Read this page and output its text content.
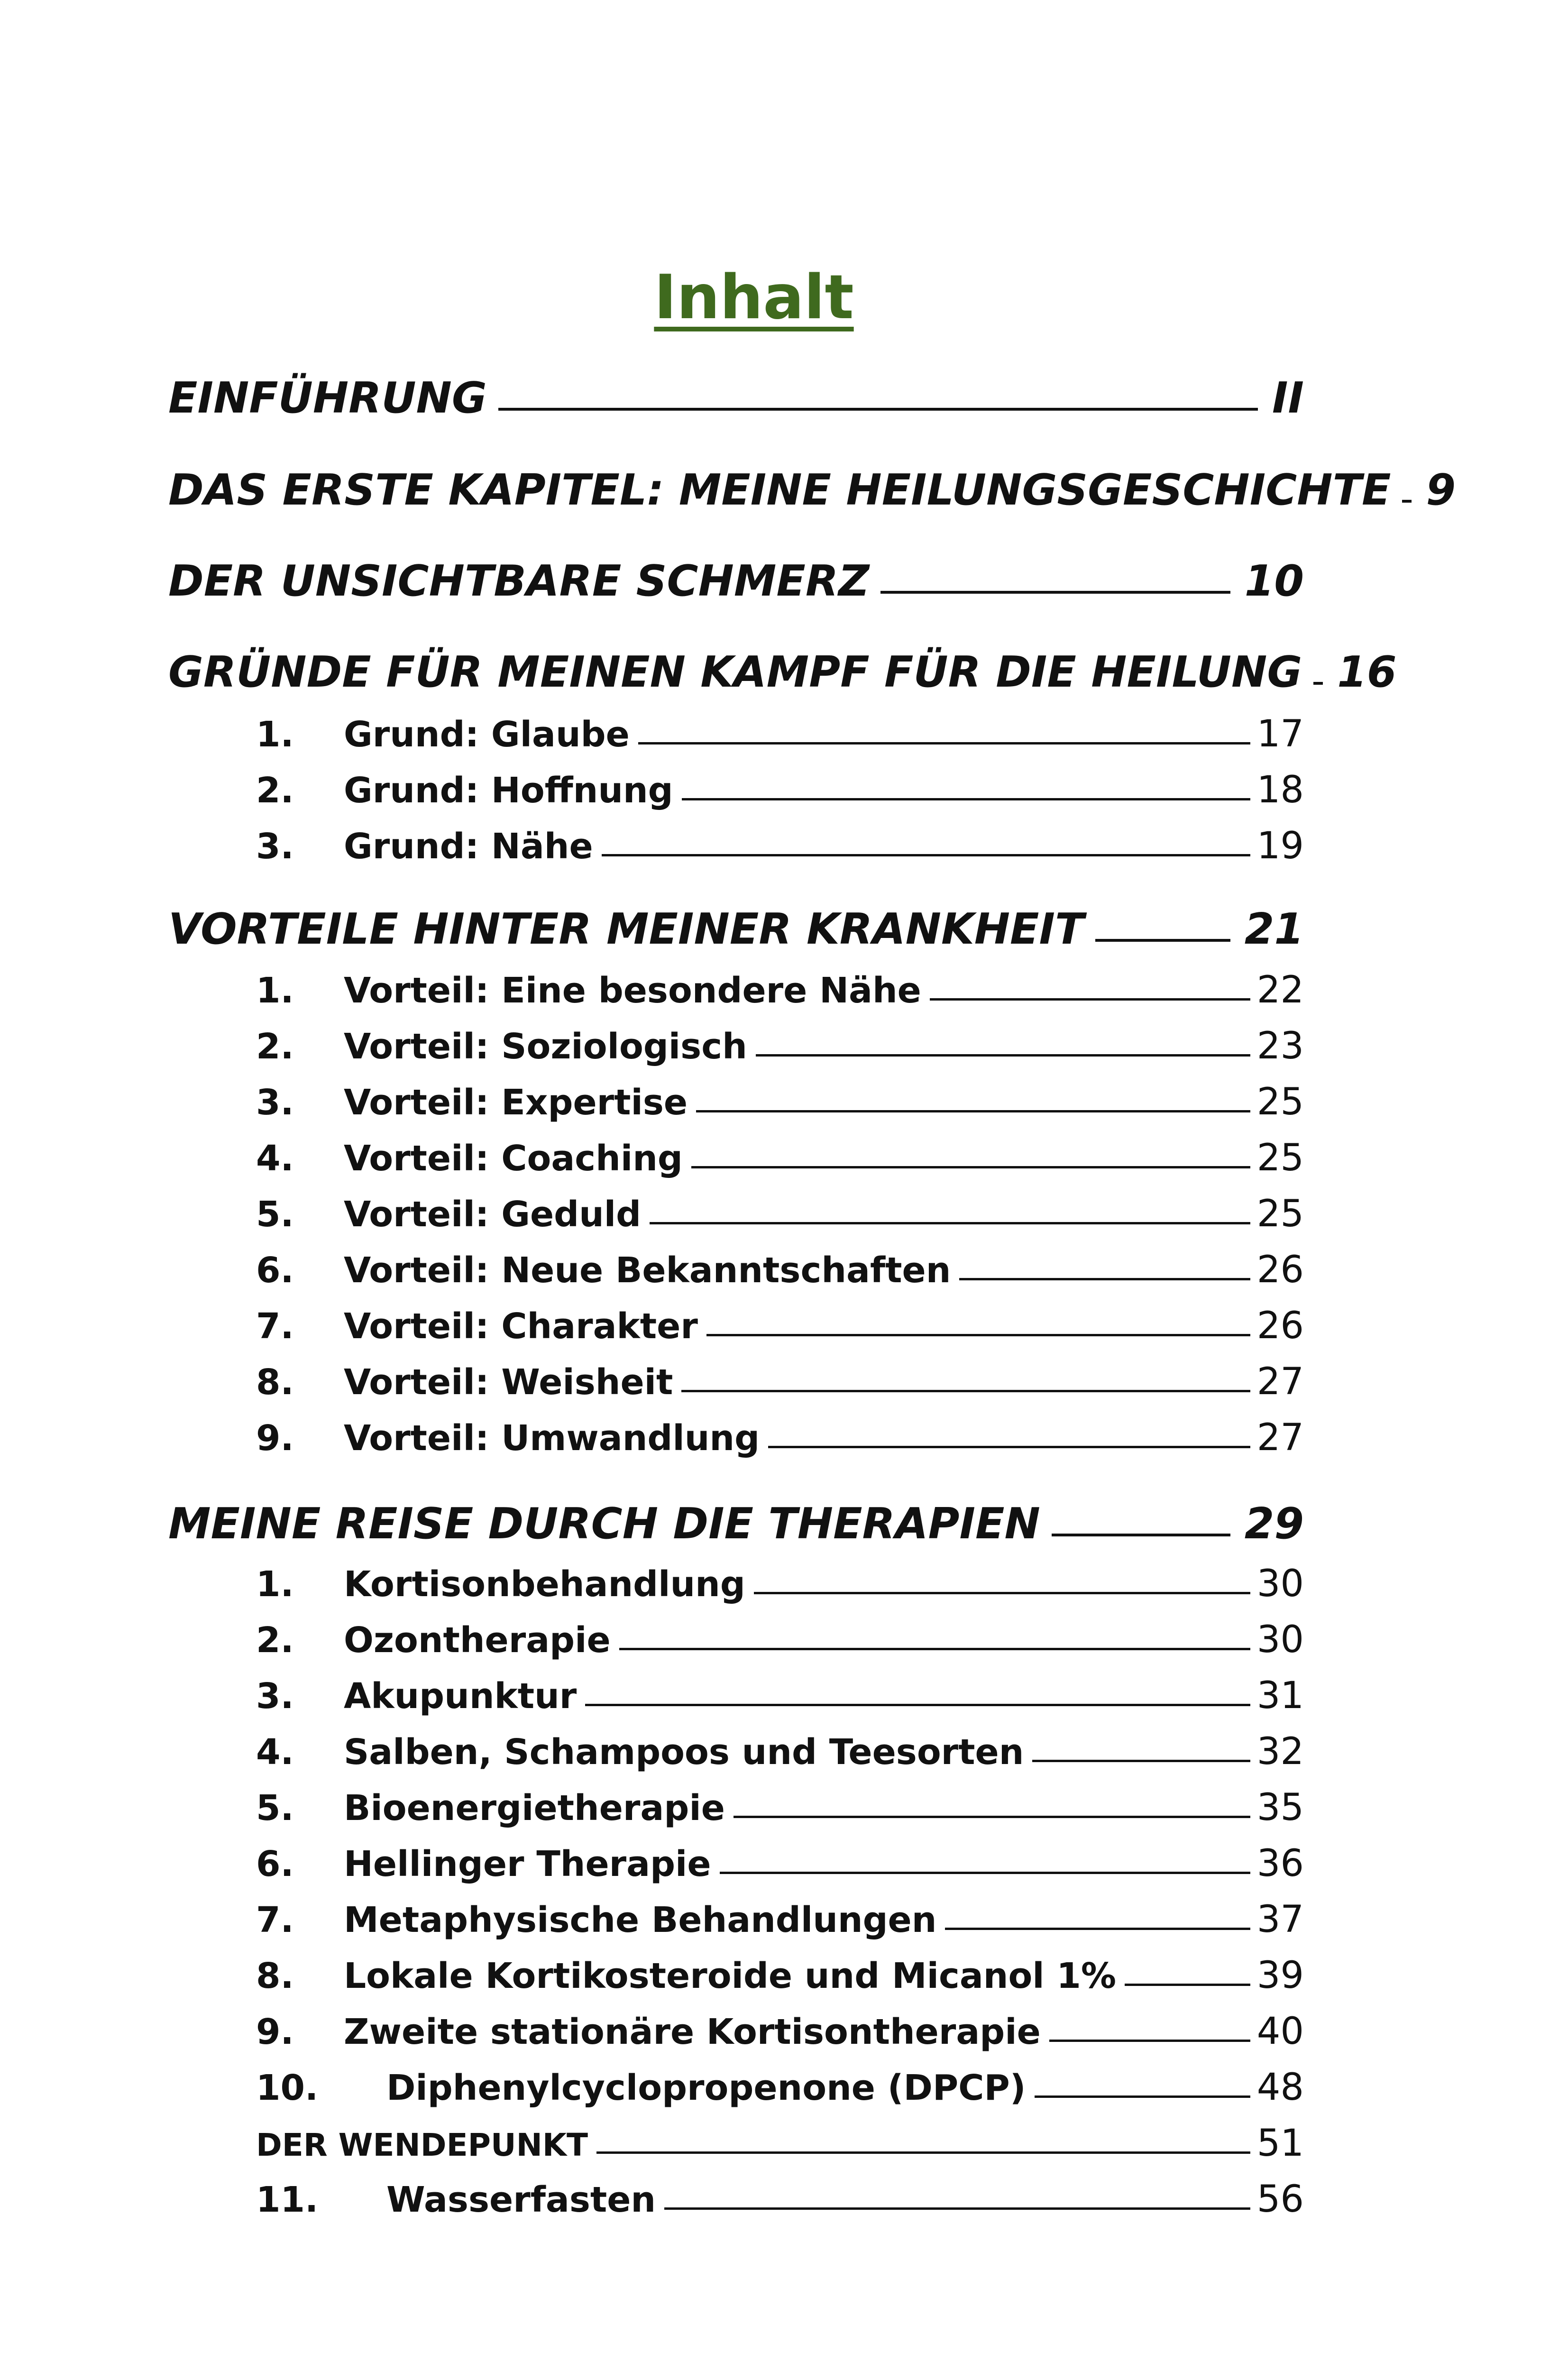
Inhalt
EINFÜHRUNG	II
DAS ERSTE KAPITEL: MEINE HEILUNGSGESCHICHTE 9
DER UNSICHTBARE SCHMERZ	10
GRÜNDE FÜR MEINEN KAMPF FÜR DIE HEILUNG 16
1.	Grund: Glaube	17
2.	Grund: Hoffnung	18
3.	Grund: Nähe	19
VORTEILE HINTER MEINER KRANKHEIT	21
1.	Vorteil: Eine besondere Nähe	22
2.	Vorteil: Soziologisch	23
3.	Vorteil: Expertise	25
4.	Vorteil: Coaching	25
5.	Vorteil: Geduld	25
6.	Vorteil: Neue Bekanntschaften	26
7.	Vorteil: Charakter	26
8.	Vorteil: Weisheit	27
9.	Vorteil: Umwandlung	27
MEINE REISE DURCH DIE THERAPIEN	29
1.	Kortisonbehandlung	30
2.	Ozontherapie	30
3.	Akupunktur	31
4.	Salben, Schampoos und Teesorten	32
5.	Bioenergietherapie	35
6.	Hellinger Therapie	36
7.	Metaphysische Behandlungen	37
8.	Lokale Kortikosteroide und Micanol 1%	39
9.	Zweite stationäre Kortisontherapie	40
10.	Diphenylcyclopropenone (DPCP)	48
DER WENDEPUNKT	51
11.	Wasserfasten	56
